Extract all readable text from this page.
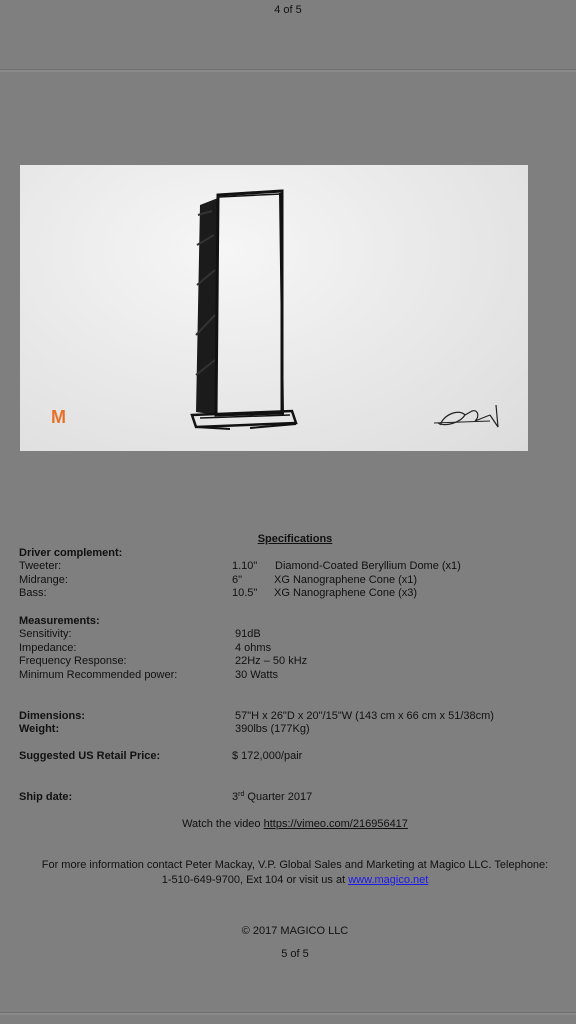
4 of 5
M
Specifications
Driver complement:
Tweeter:	1.10" Diamond-Coated Beryllium Dome (x1)
Midrange:	6"	XG Nanographene Cone (x1)
Bass:	10.5" XG Nanographene Cone (x3)
Measurements:
Sensitivity:	91dB
Impedance:	4 ohms
Frequency Response:	22Hz – 50 kHz
Minimum Recommended power:	30 Watts
Dimensions:	57"H x 26"D x 20"/15"W (143 cm x 66 cm x 51/38cm)
Weight:	390lbs (177Kg)
Suggested US Retail Price:	$ 172,000/pair
Ship date:	3rd Quarter 2017
Watch the video https://vimeo.com/216956417
For more information contact Peter Mackay, V.P. Global Sales and Marketing at Magico LLC. Telephone:
1-510-649-9700, Ext 104 or visit us at www.magico.net
© 2017 MAGICO LLC
5 of 5
